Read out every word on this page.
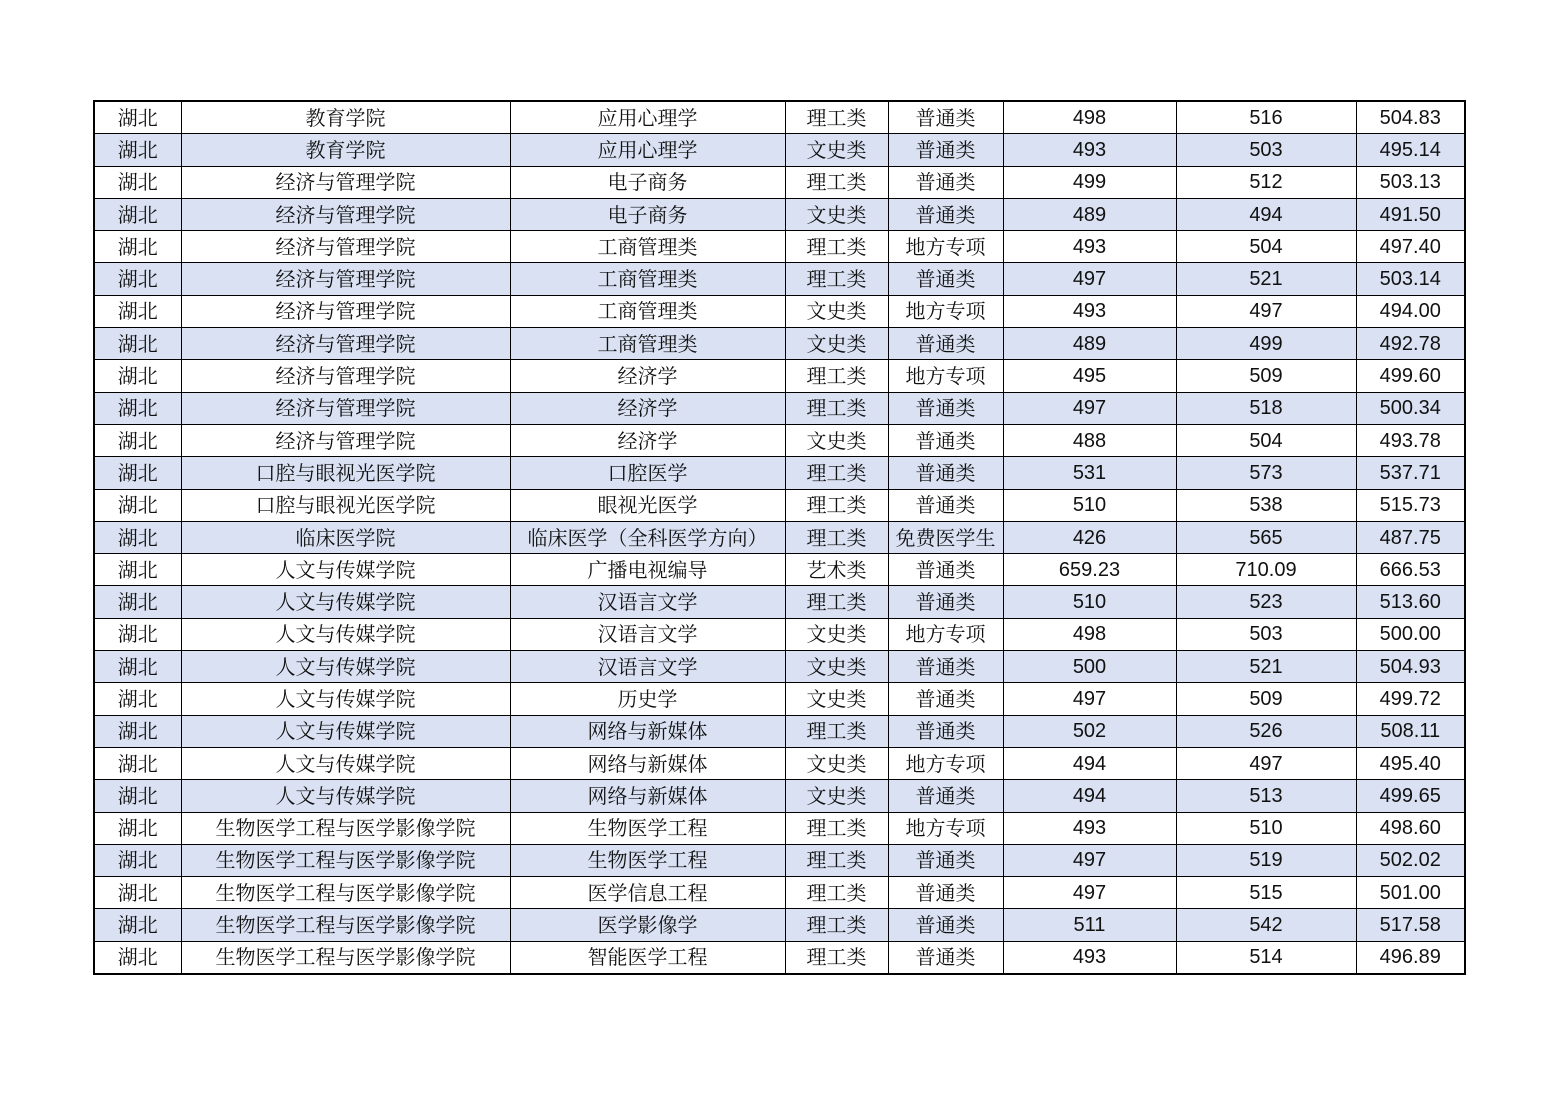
湖北	教育学院	应用心理学	理工类	普通类	498	516	504.83
湖北	教育学院	应用心理学	文史类	普通类	493	503	495.14
湖北	经济与管理学院	电子商务	理工类	普通类	499	512	503.13
湖北	经济与管理学院	电子商务	文史类	普通类	489	494	491.50
湖北	经济与管理学院	工商管理类	理工类	地方专项	493	504	497.40
湖北	经济与管理学院	工商管理类	理工类	普通类	497	521	503.14
湖北	经济与管理学院	工商管理类	文史类	地方专项	493	497	494.00
湖北	经济与管理学院	工商管理类	文史类	普通类	489	499	492.78
湖北	经济与管理学院	经济学	理工类	地方专项	495	509	499.60
湖北	经济与管理学院	经济学	理工类	普通类	497	518	500.34
湖北	经济与管理学院	经济学	文史类	普通类	488	504	493.78
湖北	口腔与眼视光医学院	口腔医学	理工类	普通类	531	573	537.71
湖北	口腔与眼视光医学院	眼视光医学	理工类	普通类	510	538	515.73
湖北	临床医学院	临床医学（全科医学方向）	理工类	免费医学生	426	565	487.75
湖北	人文与传媒学院	广播电视编导	艺术类	普通类	659.23	710.09	666.53
湖北	人文与传媒学院	汉语言文学	理工类	普通类	510	523	513.60
湖北	人文与传媒学院	汉语言文学	文史类	地方专项	498	503	500.00
湖北	人文与传媒学院	汉语言文学	文史类	普通类	500	521	504.93
湖北	人文与传媒学院	历史学	文史类	普通类	497	509	499.72
湖北	人文与传媒学院	网络与新媒体	理工类	普通类	502	526	508.11
湖北	人文与传媒学院	网络与新媒体	文史类	地方专项	494	497	495.40
湖北	人文与传媒学院	网络与新媒体	文史类	普通类	494	513	499.65
湖北	生物医学工程与医学影像学院	生物医学工程	理工类	地方专项	493	510	498.60
湖北	生物医学工程与医学影像学院	生物医学工程	理工类	普通类	497	519	502.02
湖北	生物医学工程与医学影像学院	医学信息工程	理工类	普通类	497	515	501.00
湖北	生物医学工程与医学影像学院	医学影像学	理工类	普通类	511	542	517.58
湖北	生物医学工程与医学影像学院	智能医学工程	理工类	普通类	493	514	496.89
